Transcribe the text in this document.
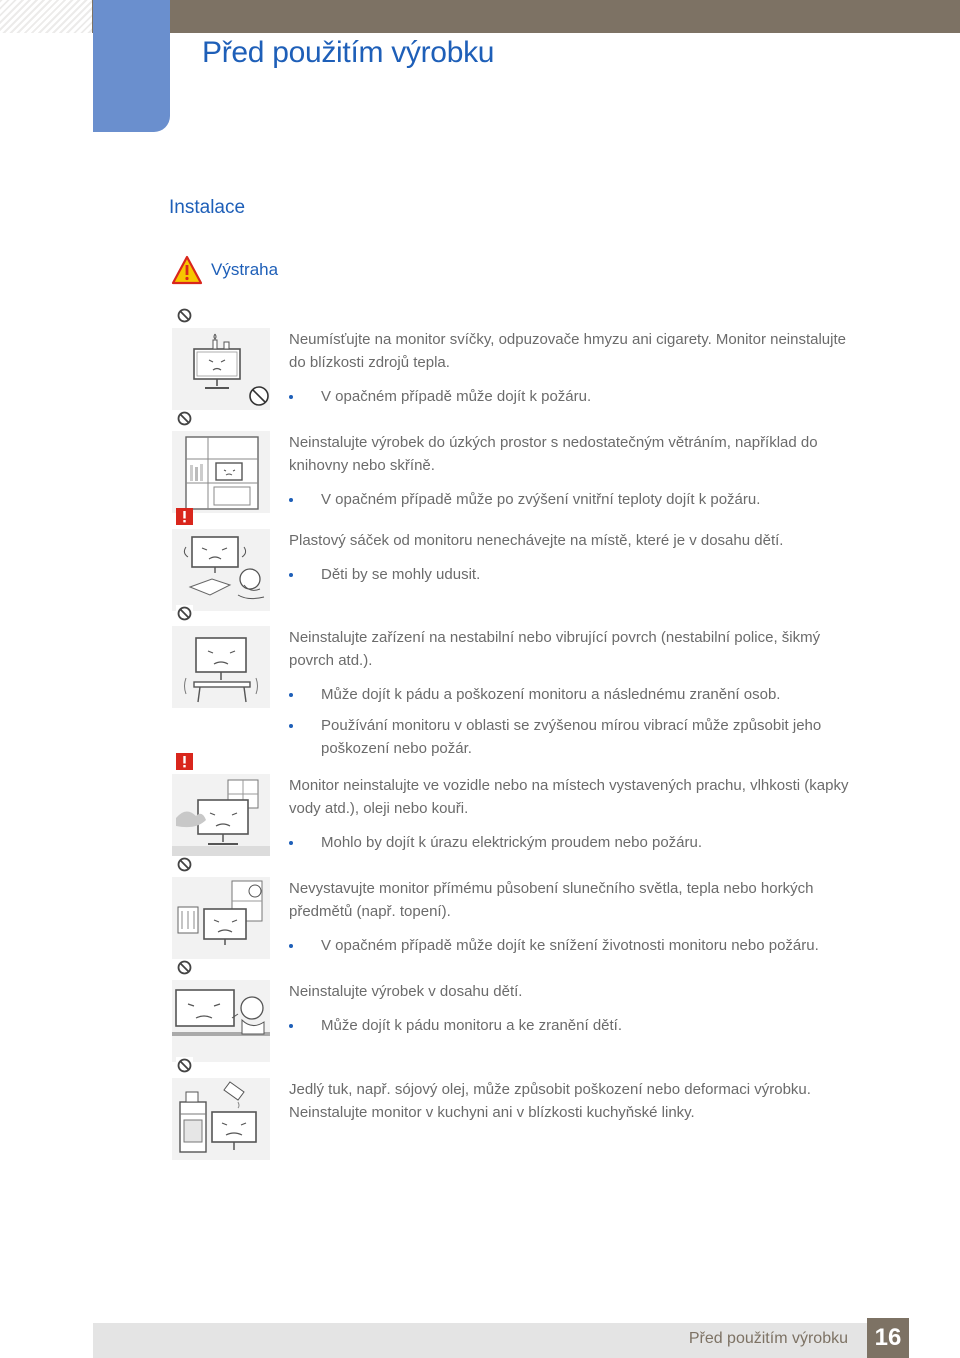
Před použitím výrobku
Instalace
Výstraha

Neumísťujte na monitor svíčky, odpuzovače hmyzu ani cigarety. Monitor neinstalujte do blízkosti zdrojů tepla.

V opačném případě může dojít k požáru.

Neinstalujte výrobek do úzkých prostor s nedostatečným větráním, například do knihovny nebo skříně.

V opačném případě může po zvýšení vnitřní teploty dojít k požáru.

Plastový sáček od monitoru nenechávejte na místě, které je v dosahu dětí.

Děti by se mohly udusit.

Neinstalujte zařízení na nestabilní nebo vibrující povrch (nestabilní police, šikmý povrch atd.).

Může dojít k pádu a poškození monitoru a následnému zranění osob.
Používání monitoru v oblasti se zvýšenou mírou vibrací může způsobit jeho poškození nebo požár.

Monitor neinstalujte ve vozidle nebo na místech vystavených prachu, vlhkosti (kapky vody atd.), oleji nebo kouři.

Mohlo by dojít k úrazu elektrickým proudem nebo požáru.

Nevystavujte monitor přímému působení slunečního světla, tepla nebo horkých předmětů (např. topení).

V opačném případě může dojít ke snížení životnosti monitoru nebo požáru.

Neinstalujte výrobek v dosahu dětí.

Může dojít k pádu monitoru a ke zranění dětí.

Jedlý tuk, např. sójový olej, může způsobit poškození nebo deformaci výrobku. Neinstalujte monitor v kuchyni ani v blízkosti kuchyňské linky.

Před použitím výrobku	16
